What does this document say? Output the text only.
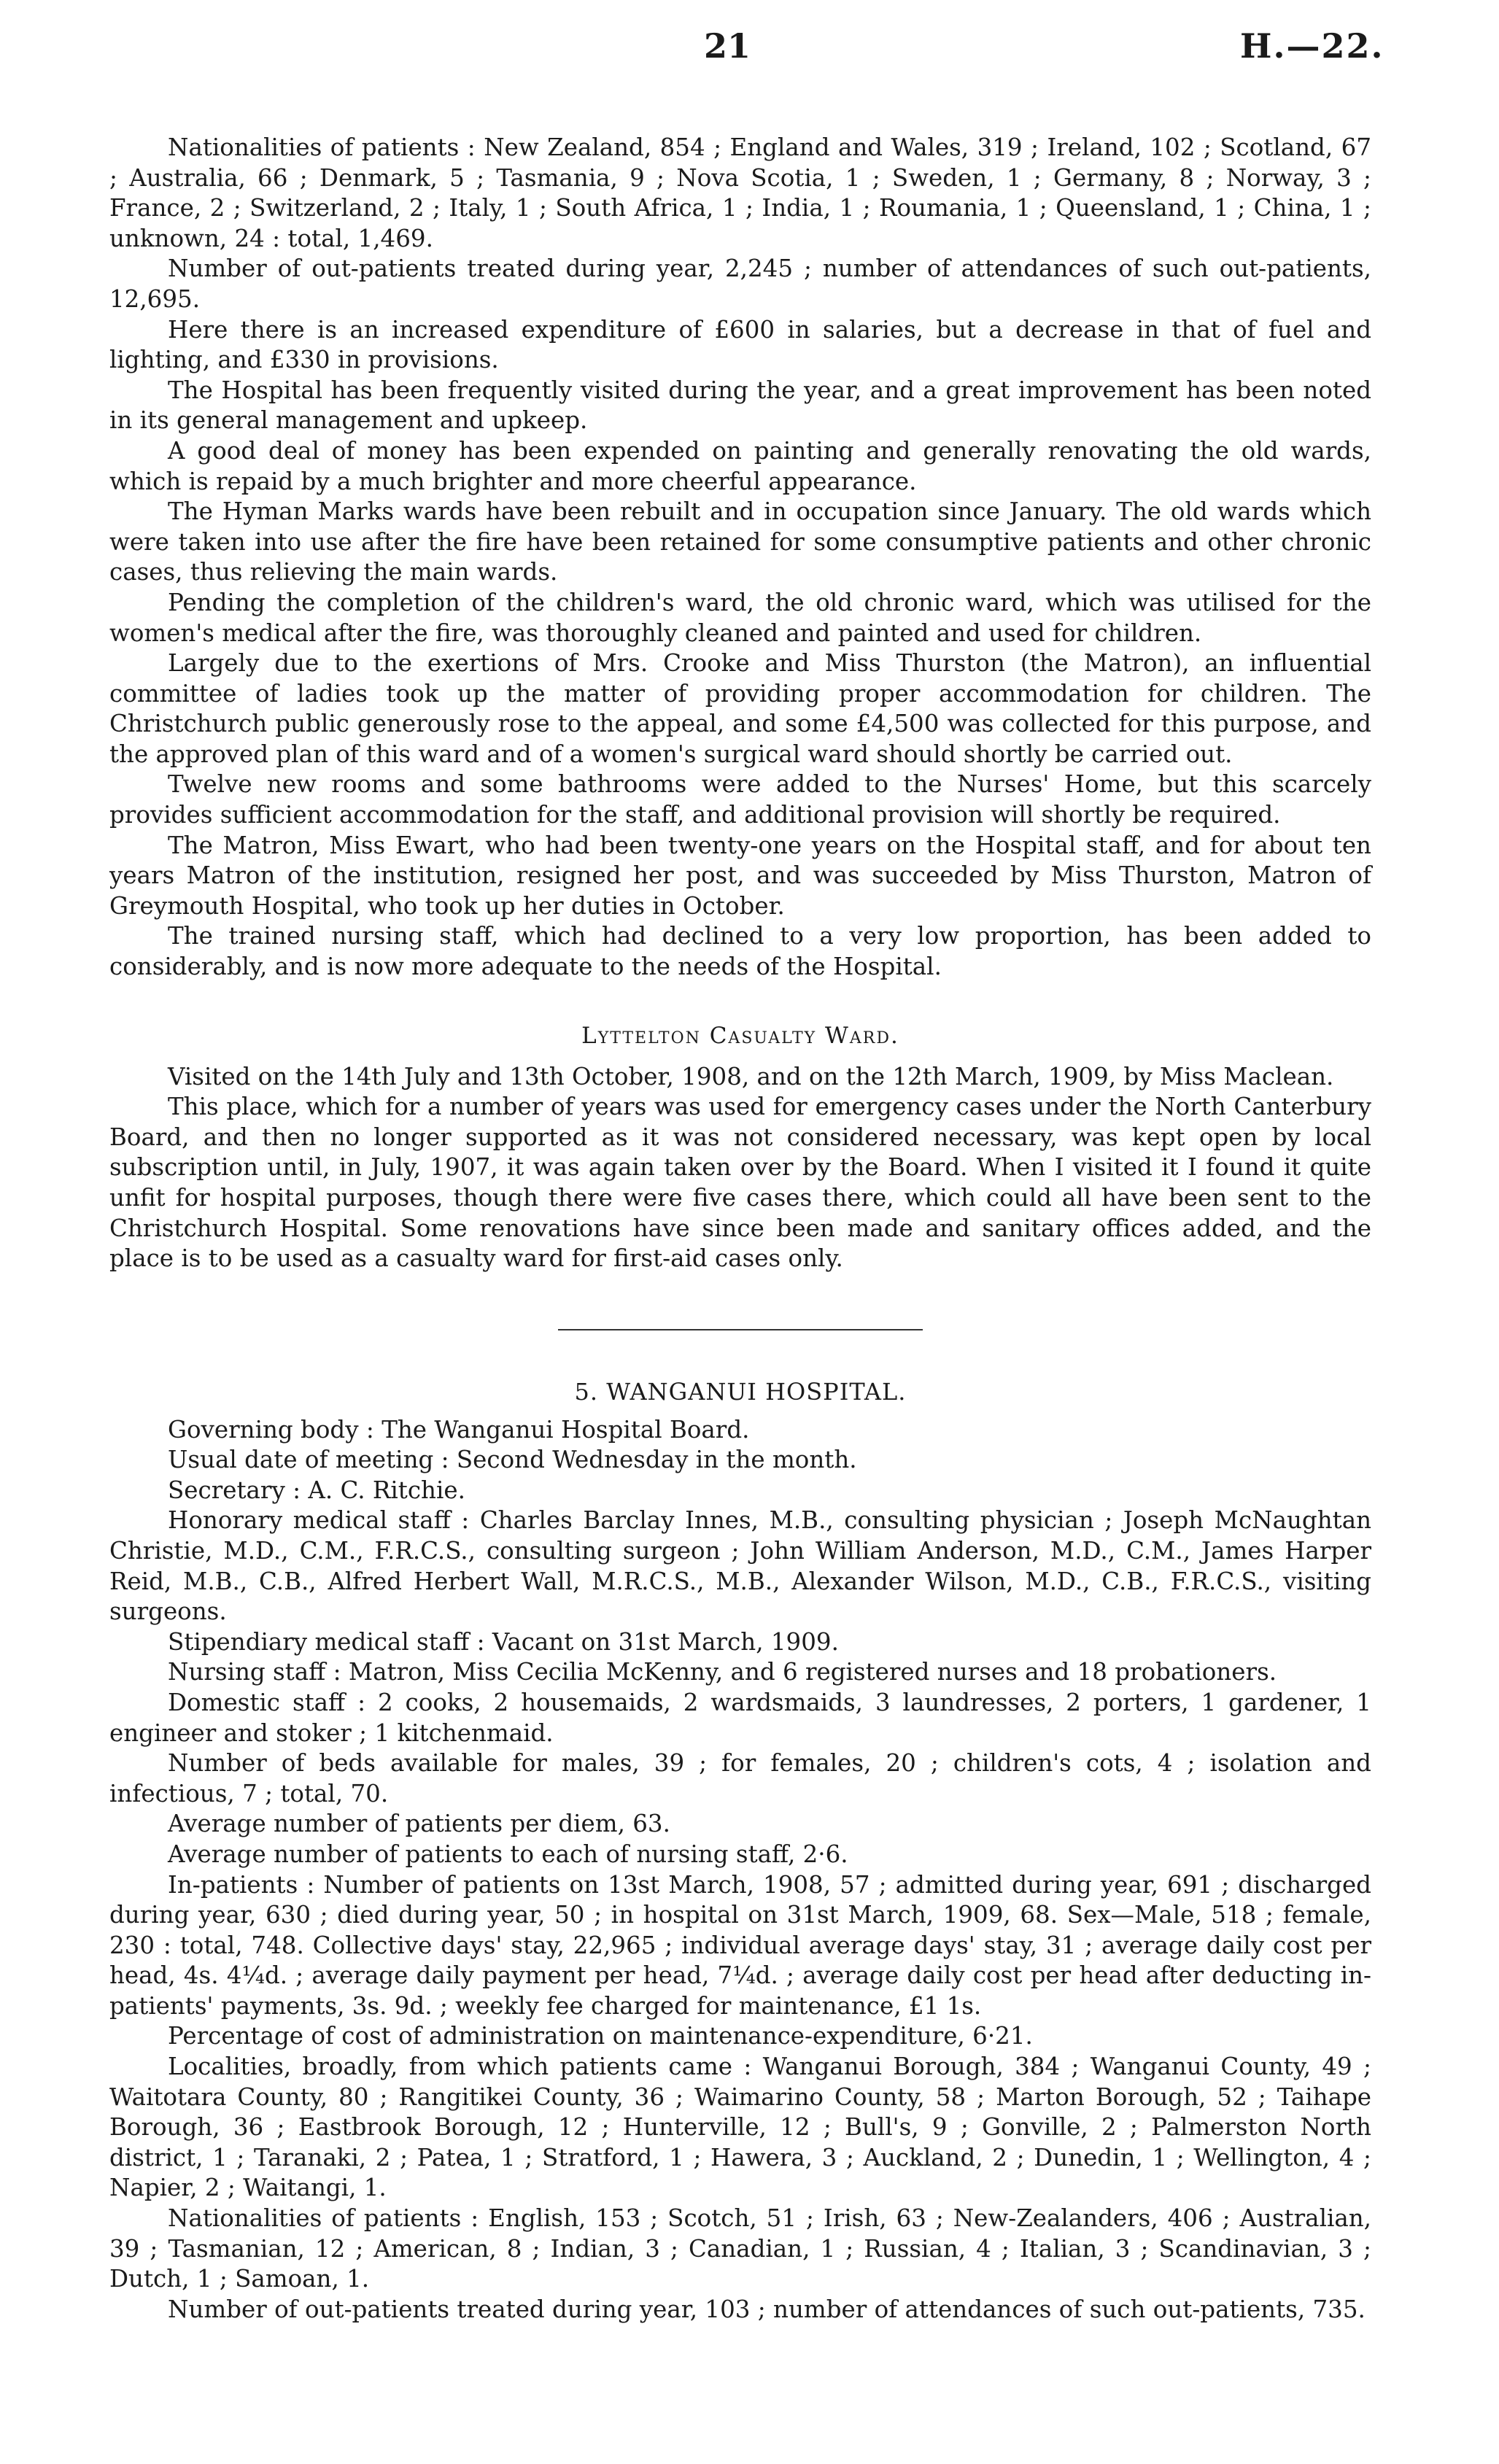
21	H.—22.

Nationalities of patients : New Zealand, 854 ; England and Wales, 319 ; Ireland, 102 ; Scotland, 67 ; Australia, 66 ; Denmark, 5 ; Tasmania, 9 ; Nova Scotia, 1 ; Sweden, 1 ; Germany, 8 ; Norway, 3 ; France, 2 ; Switzerland, 2 ; Italy, 1 ; South Africa, 1 ; India, 1 ; Roumania, 1 ; Queensland, 1 ; China, 1 ; unknown, 24 : total, 1,469.

Number of out-patients treated during year, 2,245 ; number of attendances of such out-patients, 12,695.

Here there is an increased expenditure of £600 in salaries, but a decrease in that of fuel and lighting, and £330 in provisions.

The Hospital has been frequently visited during the year, and a great improvement has been noted in its general management and upkeep.

A good deal of money has been expended on painting and generally renovating the old wards, which is repaid by a much brighter and more cheerful appearance.

The Hyman Marks wards have been rebuilt and in occupation since January. The old wards which were taken into use after the fire have been retained for some consumptive patients and other chronic cases, thus relieving the main wards.

Pending the completion of the children's ward, the old chronic ward, which was utilised for the women's medical after the fire, was thoroughly cleaned and painted and used for children.

Largely due to the exertions of Mrs. Crooke and Miss Thurston (the Matron), an influential committee of ladies took up the matter of providing proper accommodation for children. The Christchurch public generously rose to the appeal, and some £4,500 was collected for this purpose, and the approved plan of this ward and of a women's surgical ward should shortly be carried out.

Twelve new rooms and some bathrooms were added to the Nurses' Home, but this scarcely provides sufficient accommodation for the staff, and additional provision will shortly be required.

The Matron, Miss Ewart, who had been twenty-one years on the Hospital staff, and for about ten years Matron of the institution, resigned her post, and was succeeded by Miss Thurston, Matron of Greymouth Hospital, who took up her duties in October.

The trained nursing staff, which had declined to a very low proportion, has been added to considerably, and is now more adequate to the needs of the Hospital.

Lyttelton Casualty Ward.

Visited on the 14th July and 13th October, 1908, and on the 12th March, 1909, by Miss Maclean.

This place, which for a number of years was used for emergency cases under the North Canterbury Board, and then no longer supported as it was not considered necessary, was kept open by local subscription until, in July, 1907, it was again taken over by the Board. When I visited it I found it quite unfit for hospital purposes, though there were five cases there, which could all have been sent to the Christchurch Hospital. Some renovations have since been made and sanitary offices added, and the place is to be used as a casualty ward for first-aid cases only.

5. WANGANUI HOSPITAL.

Governing body : The Wanganui Hospital Board.

Usual date of meeting : Second Wednesday in the month.

Secretary : A. C. Ritchie.

Honorary medical staff : Charles Barclay Innes, M.B., consulting physician ; Joseph McNaughtan Christie, M.D., C.M., F.R.C.S., consulting surgeon ; John William Anderson, M.D., C.M., James Harper Reid, M.B., C.B., Alfred Herbert Wall, M.R.C.S., M.B., Alexander Wilson, M.D., C.B., F.R.C.S., visiting surgeons.

Stipendiary medical staff : Vacant on 31st March, 1909.

Nursing staff : Matron, Miss Cecilia McKenny, and 6 registered nurses and 18 probationers.

Domestic staff : 2 cooks, 2 housemaids, 2 wardsmaids, 3 laundresses, 2 porters, 1 gardener, 1 engineer and stoker ; 1 kitchenmaid.

Number of beds available for males, 39 ; for females, 20 ; children's cots, 4 ; isolation and infectious, 7 ; total, 70.

Average number of patients per diem, 63.

Average number of patients to each of nursing staff, 2·6.

In-patients : Number of patients on 13st March, 1908, 57 ; admitted during year, 691 ; discharged during year, 630 ; died during year, 50 ; in hospital on 31st March, 1909, 68. Sex—Male, 518 ; female, 230 : total, 748. Collective days' stay, 22,965 ; individual average days' stay, 31 ; average daily cost per head, 4s. 4¼d. ; average daily payment per head, 7¼d. ; average daily cost per head after deducting in-patients' payments, 3s. 9d. ; weekly fee charged for maintenance, £1 1s.

Percentage of cost of administration on maintenance-expenditure, 6·21.

Localities, broadly, from which patients came : Wanganui Borough, 384 ; Wanganui County, 49 ; Waitotara County, 80 ; Rangitikei County, 36 ; Waimarino County, 58 ; Marton Borough, 52 ; Taihape Borough, 36 ; Eastbrook Borough, 12 ; Hunterville, 12 ; Bull's, 9 ; Gonville, 2 ; Palmerston North district, 1 ; Taranaki, 2 ; Patea, 1 ; Stratford, 1 ; Hawera, 3 ; Auckland, 2 ; Dunedin, 1 ; Wellington, 4 ; Napier, 2 ; Waitangi, 1.

Nationalities of patients : English, 153 ; Scotch, 51 ; Irish, 63 ; New-Zealanders, 406 ; Australian, 39 ; Tasmanian, 12 ; American, 8 ; Indian, 3 ; Canadian, 1 ; Russian, 4 ; Italian, 3 ; Scandinavian, 3 ; Dutch, 1 ; Samoan, 1.

Number of out-patients treated during year, 103 ; number of attendances of such out-patients, 735.
